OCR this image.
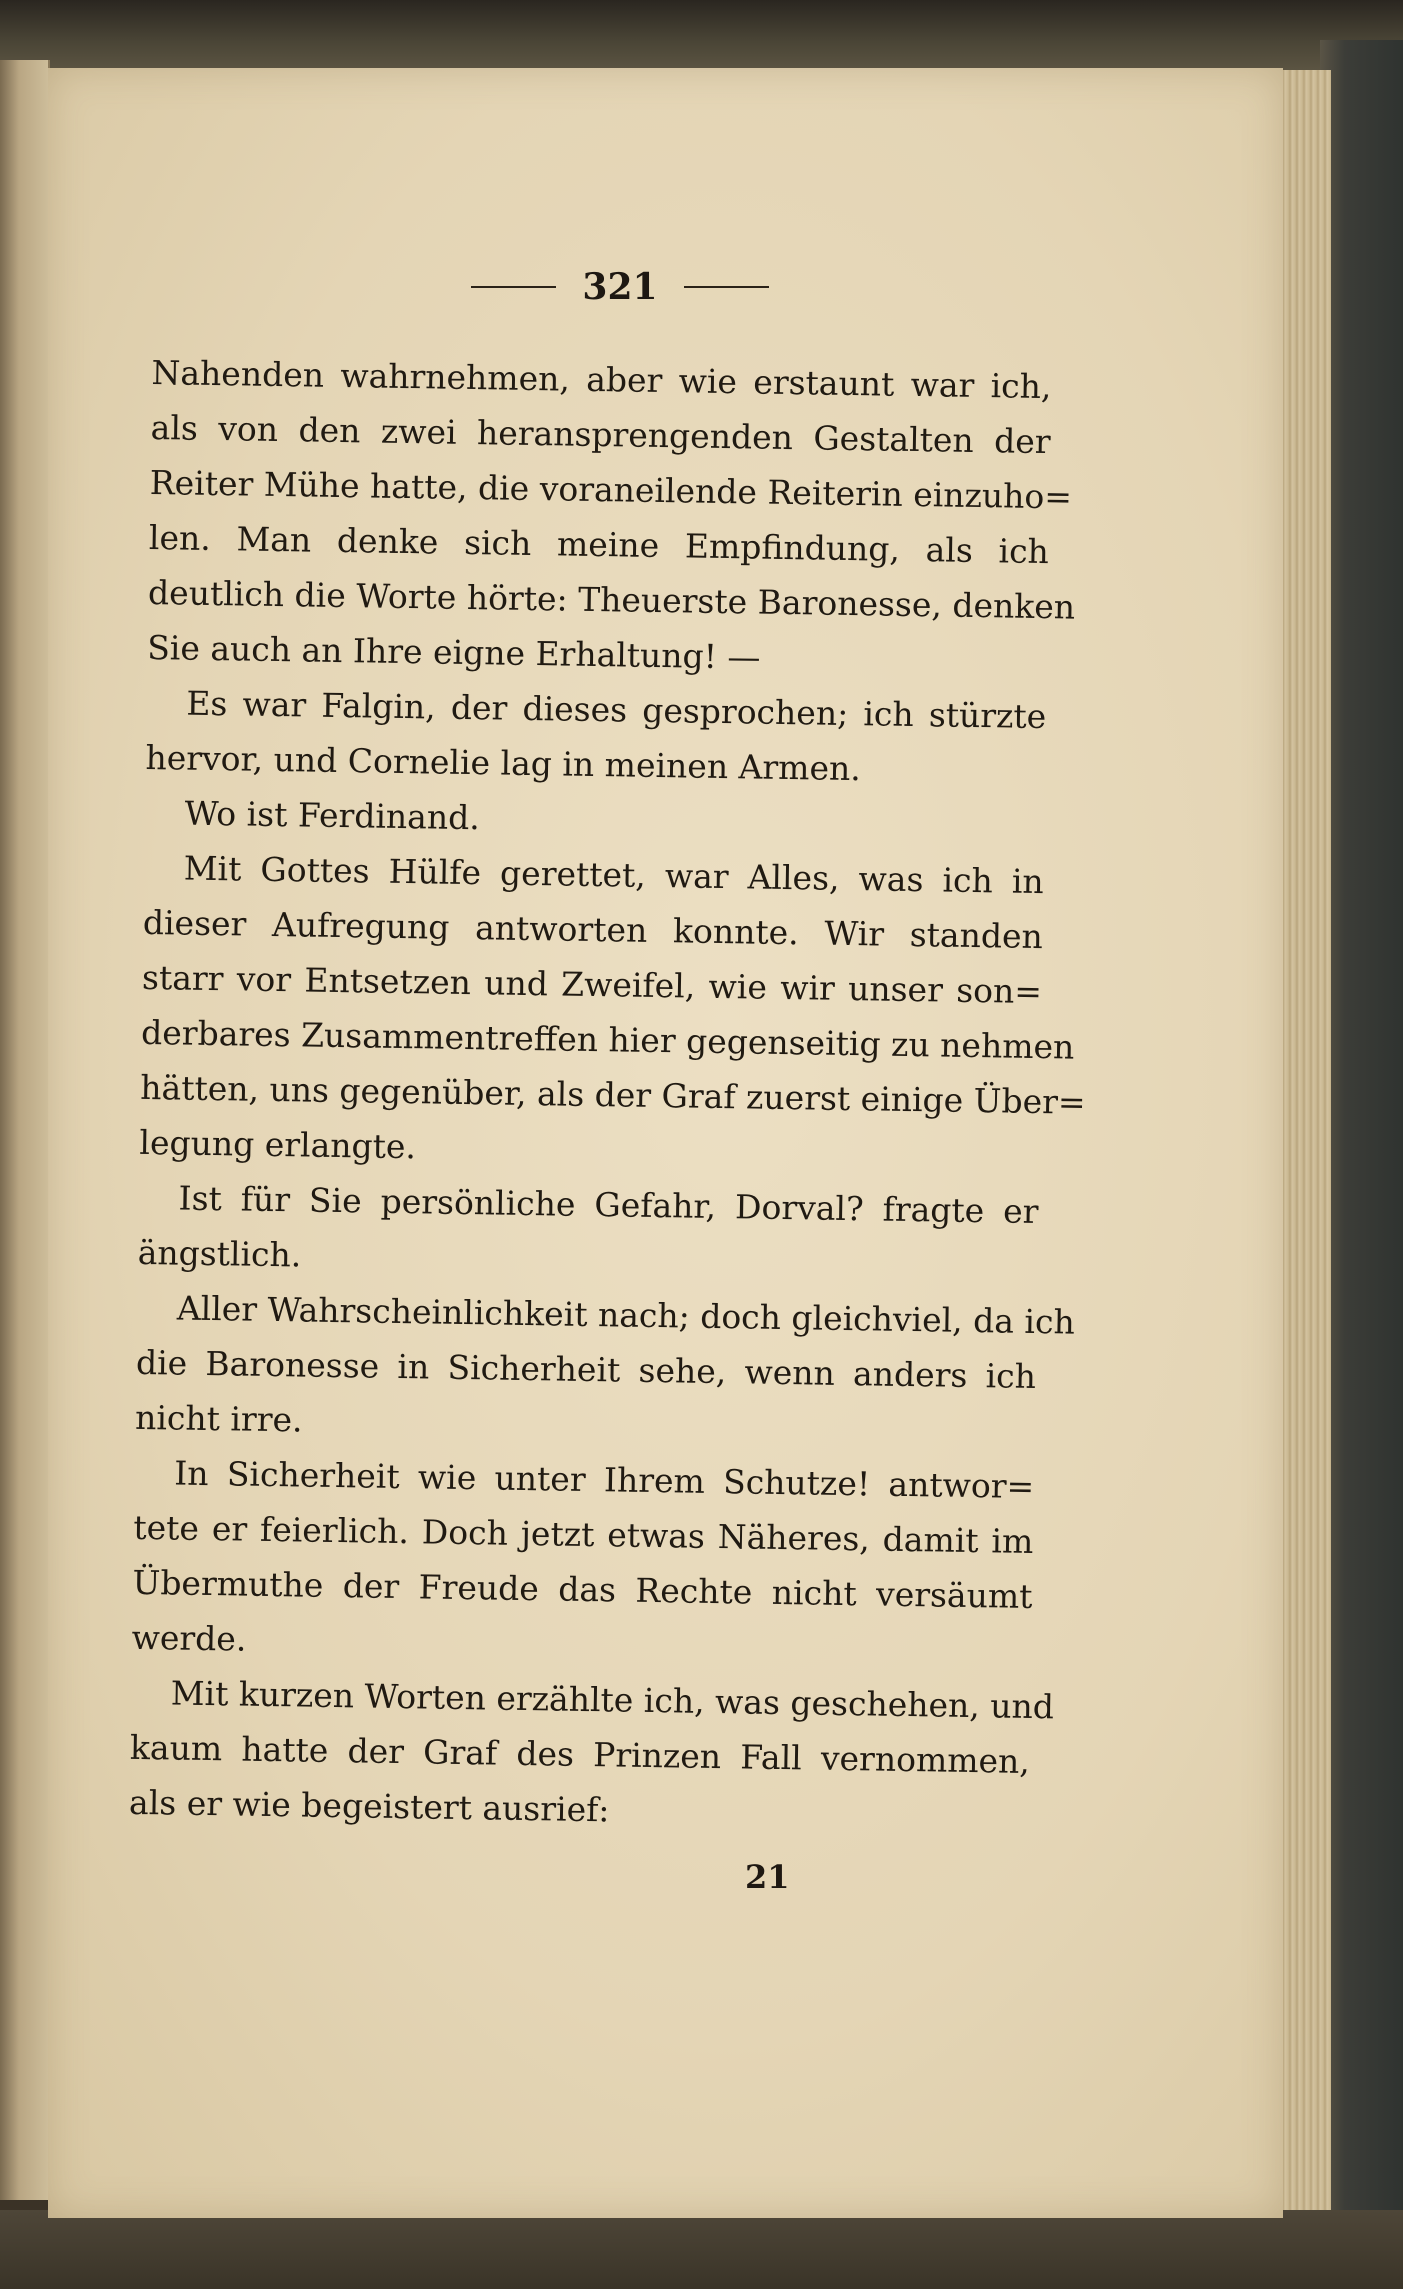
321
Nahenden wahrnehmen, aber wie erstaunt war ich,
als von den zwei heransprengenden Gestalten der
Reiter Mühe hatte, die voraneilende Reiterin einzuho=
len. Man denke sich meine Empfindung, als ich
deutlich die Worte hörte: Theuerste Baronesse, denken
Sie auch an Ihre eigne Erhaltung! —
Es war Falgin, der dieses gesprochen; ich stürzte
hervor, und Cornelie lag in meinen Armen.
Wo ist Ferdinand.
Mit Gottes Hülfe gerettet, war Alles, was ich in
dieser Aufregung antworten konnte. Wir standen
starr vor Entsetzen und Zweifel, wie wir unser son=
derbares Zusammentreffen hier gegenseitig zu nehmen
hätten, uns gegenüber, als der Graf zuerst einige Über=
legung erlangte.
Ist für Sie persönliche Gefahr, Dorval? fragte er
ängstlich.
Aller Wahrscheinlichkeit nach; doch gleichviel, da ich
die Baronesse in Sicherheit sehe, wenn anders ich
nicht irre.
In Sicherheit wie unter Ihrem Schutze! antwor=
tete er feierlich. Doch jetzt etwas Näheres, damit im
Übermuthe der Freude das Rechte nicht versäumt
werde.
Mit kurzen Worten erzählte ich, was geschehen, und
kaum hatte der Graf des Prinzen Fall vernommen,
als er wie begeistert ausrief:
21
